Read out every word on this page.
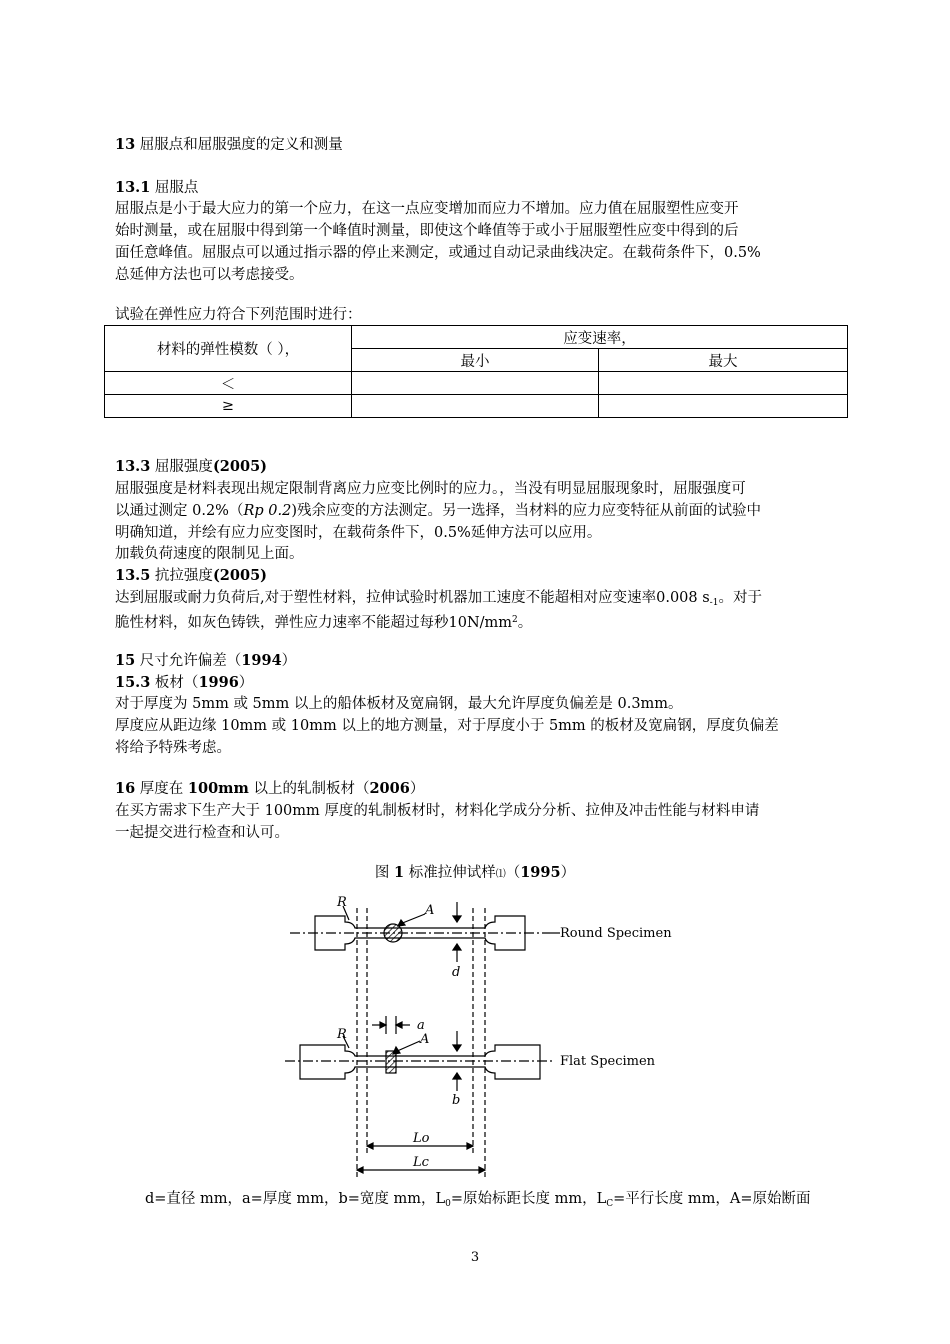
13 屈服点和屈服强度的定义和测量
13.1 屈服点
屈服点是小于最大应力的第一个应力，在这一点应变增加而应力不增加。应力值在屈服塑性应变开
始时测量，或在屈服中得到第一个峰值时测量，即使这个峰值等于或小于屈服塑性应变中得到的后
面任意峰值。屈服点可以通过指示器的停止来测定，或通过自动记录曲线决定。在载荷条件下，0.5%
总延伸方法也可以考虑接受。
试验在弹性应力符合下列范围时进行：
材料的弹性模数（ ），	应变速率，	
	最小	最大
＜		
≥		
13.3 屈服强度(2005)
屈服强度是材料表现出规定限制背离应力应变比例时的应力。，当没有明显屈服现象时，屈服强度可
以通过测定 0.2%（Rp 0.2)残余应变的方法测定。另一选择，当材料的应力应变特征从前面的试验中
明确知道，并绘有应力应变图时，在载荷条件下，0.5%延伸方法可以应用。
加载负荷速度的限制见上面。
13.5 抗拉强度(2005)
达到屈服或耐力负荷后,对于塑性材料，拉伸试验时机器加工速度不能超相对应变速率0.008 $s_{-1}$。对于
脆性材料，如灰色铸铁，弹性应力速率不能超过每秒$10N/mm^2$。
15 尺寸允许偏差（1994）
15.3 板材（1996）
对于厚度为 5mm 或 5mm 以上的船体板材及宽扁钢，最大允许厚度负偏差是 0.3mm。
厚度应从距边缘 10mm 或 10mm 以上的地方测量，对于厚度小于 5mm 的板材及宽扁钢，厚度负偏差
将给予特殊考虑。
16 厚度在 100mm 以上的轧制板材（2006）
在买方需求下生产大于 100mm 厚度的轧制板材时，材料化学成分分析、拉伸及冲击性能与材料申请
一起提交进行检查和认可。
图 1 标准拉伸试样⑴（1995）
Round Specimen
Flat Specimen
R
R
A
A
d
a
b
Lo
Lc
d=直径 mm，a=厚度 mm，b=宽度 mm，$L_0=$原始标距长度 mm，$L_C=$平行长度 mm，A=原始断面
3
